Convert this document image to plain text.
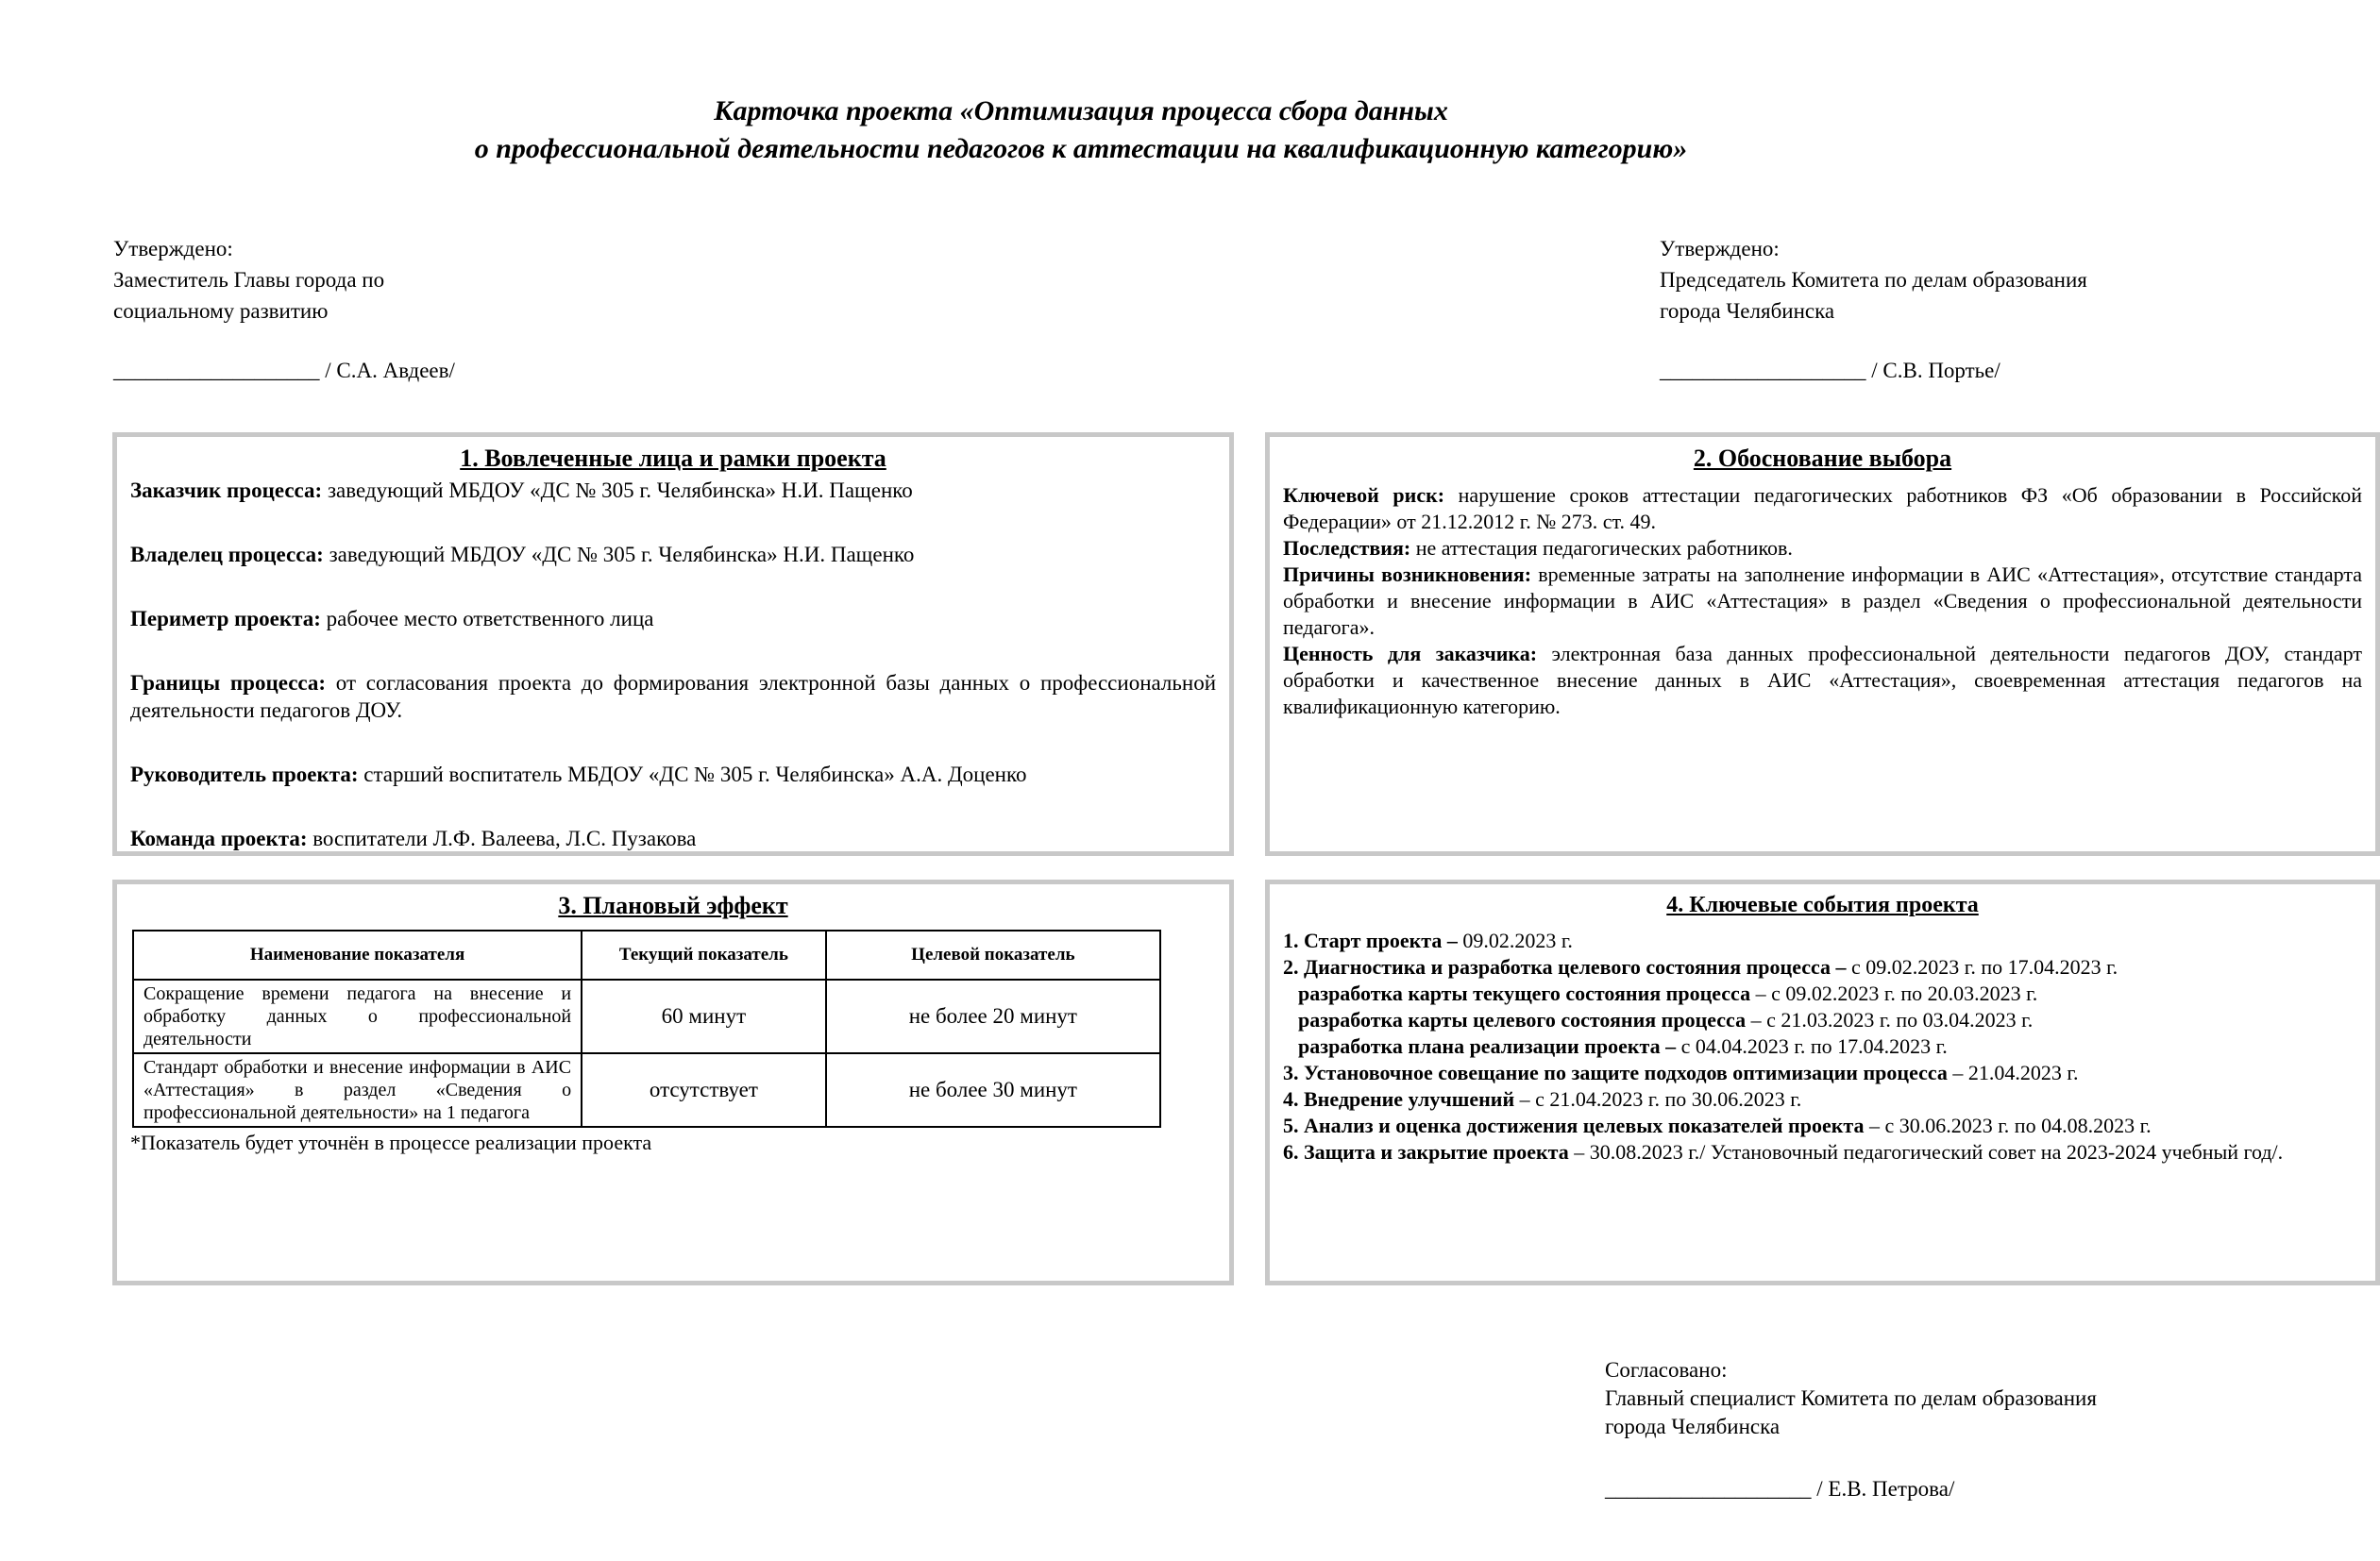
Карточка проекта «Оптимизация процесса сбора данных
о профессиональной деятельности педагогов к аттестации на квалификационную категорию»
Утверждено:
Заместитель Главы города по
социальному развитию
___________________ / С.А. Авдеев/
Утверждено:
Председатель Комитета по делам образования
города Челябинска
___________________ / С.В. Портье/
1. Вовлеченные лица и рамки проекта

Заказчик процесса: заведующий МБДОУ «ДС № 305 г. Челябинска» Н.И. Пащенко

Владелец процесса: заведующий МБДОУ «ДС № 305 г. Челябинска» Н.И. Пащенко

Периметр проекта: рабочее место ответственного лица

Границы процесса: от согласования проекта до формирования электронной базы данных о профессиональной деятельности педагогов ДОУ.

Руководитель проекта: старший воспитатель МБДОУ «ДС № 305 г. Челябинска» А.А. Доценко

Команда проекта: воспитатели Л.Ф. Валеева, Л.С. Пузакова

2. Обоснование выбора

Ключевой риск: нарушение сроков аттестации педагогических работников ФЗ «Об образовании в Российской Федерации» от 21.12.2012 г. № 273. ст. 49.

Последствия: не аттестация педагогических работников.

Причины возникновения: временные затраты на заполнение информации в АИС «Аттестация», отсутствие стандарта обработки и внесение информации в АИС «Аттестация» в раздел «Сведения о профессиональной деятельности педагога».

Ценность для заказчика: электронная база данных профессиональной деятельности педагогов ДОУ, стандарт обработки и качественное внесение данных в АИС «Аттестация», своевременная аттестация педагогов на квалификационную категорию.

3. Плановый эффект
Наименование показателя	Текущий показатель	Целевой показатель
Сокращение времени педагога на внесение и обработку данных о профессиональной деятельности	60 минут	не более 20 минут
Стандарт обработки и внесение информации в АИС «Аттестация» в раздел «Сведения о профессиональной деятельности» на 1 педагога	отсутствует	не более 30 минут
*Показатель будет уточнён в процессе реализации проекта
4. Ключевые события проекта

1. Старт проекта – 09.02.2023 г.

2. Диагностика и разработка целевого состояния процесса – с 09.02.2023 г. по 17.04.2023 г.

разработка карты текущего состояния процесса – с 09.02.2023 г. по 20.03.2023 г.

разработка карты целевого состояния процесса – с 21.03.2023 г. по 03.04.2023 г.

разработка плана реализации проекта – с 04.04.2023 г. по 17.04.2023 г.

3. Установочное совещание по защите подходов оптимизации процесса – 21.04.2023 г.

4. Внедрение улучшений – с 21.04.2023 г. по 30.06.2023 г.

5. Анализ и оценка достижения целевых показателей проекта – с 30.06.2023 г. по 04.08.2023 г.

6. Защита и закрытие проекта – 30.08.2023 г./ Установочный педагогический совет на 2023-2024 учебный год/.

Согласовано:
Главный специалист Комитета по делам образования
города Челябинска
___________________ / Е.В. Петрова/
